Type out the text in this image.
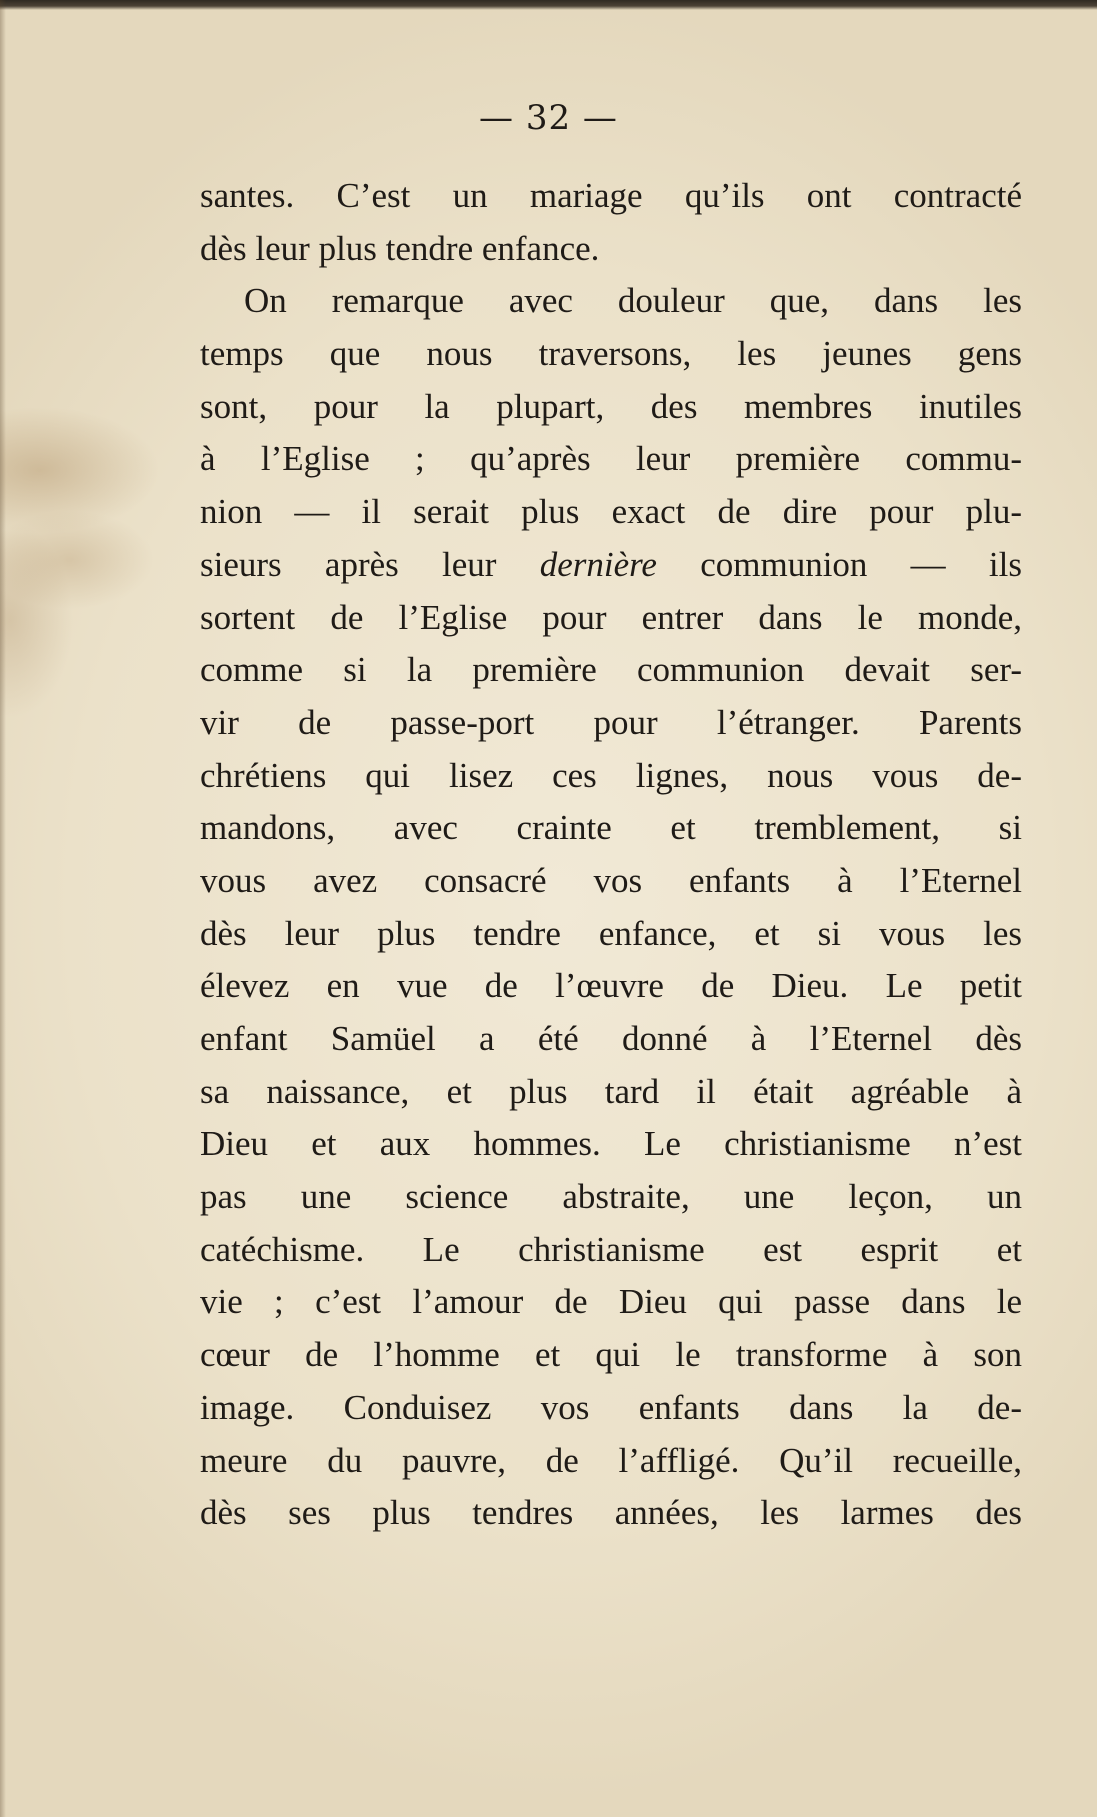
— 32 —

santes. C’est un mariage qu’ils ont contracté

dès leur plus tendre enfance.

On remarque avec douleur que, dans les

temps que nous traversons, les jeunes gens

sont, pour la plupart, des membres inutiles

à l’Eglise ; qu’après leur première commu-

nion — il serait plus exact de dire pour plu-

sieurs après leur dernière communion — ils

sortent de l’Eglise pour entrer dans le monde,

comme si la première communion devait ser-

vir de passe-port pour l’étranger. Parents

chrétiens qui lisez ces lignes, nous vous de-

mandons, avec crainte et tremblement, si

vous avez consacré vos enfants à l’Eternel

dès leur plus tendre enfance, et si vous les

élevez en vue de l’œuvre de Dieu. Le petit

enfant Samüel a été donné à l’Eternel dès

sa naissance, et plus tard il était agréable à

Dieu et aux hommes. Le christianisme n’est

pas une science abstraite, une leçon, un

catéchisme. Le christianisme est esprit et

vie ; c’est l’amour de Dieu qui passe dans le

cœur de l’homme et qui le transforme à son

image. Conduisez vos enfants dans la de-

meure du pauvre, de l’affligé. Qu’il recueille,

dès ses plus tendres années, les larmes des
